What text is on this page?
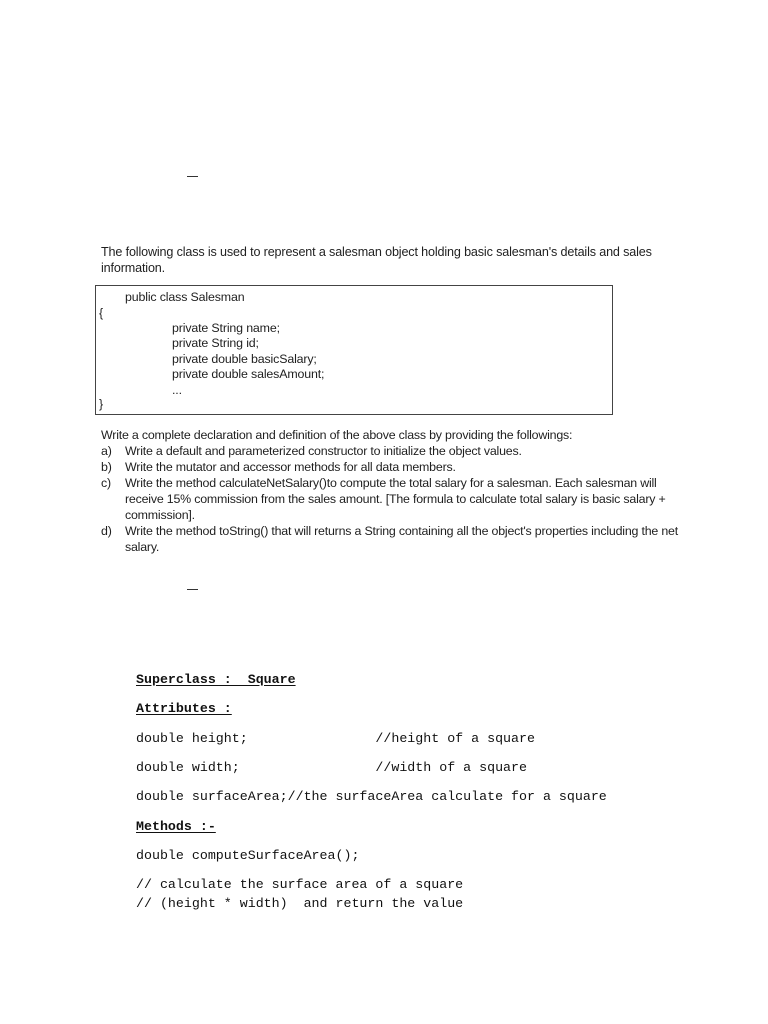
The following class is used to represent a salesman object holding basic salesman's details and sales information.

public class Salesman
{
private String name;
private String id;
private double basicSalary;
private double salesAmount;
...
}

Write a complete declaration and definition of the above class by providing the followings:

a) Write a default and parameterized constructor to initialize the object values.
b) Write the mutator and accessor methods for all data members.
c) Write the method calculateNetSalary()to compute the total salary for a salesman. Each salesman will receive 15% commission from the sales amount. [The formula to calculate total salary is basic salary + commission].
d) Write the method toString() that will returns a String containing all the object's properties including the net salary.
Superclass :  Square
Attributes :
double height;                //height of a square
double width;                 //width of a square
double surfaceArea;//the surfaceArea calculate for a square
Methods :-
double computeSurfaceArea();
// calculate the surface area of a square
// (height * width)  and return the value
